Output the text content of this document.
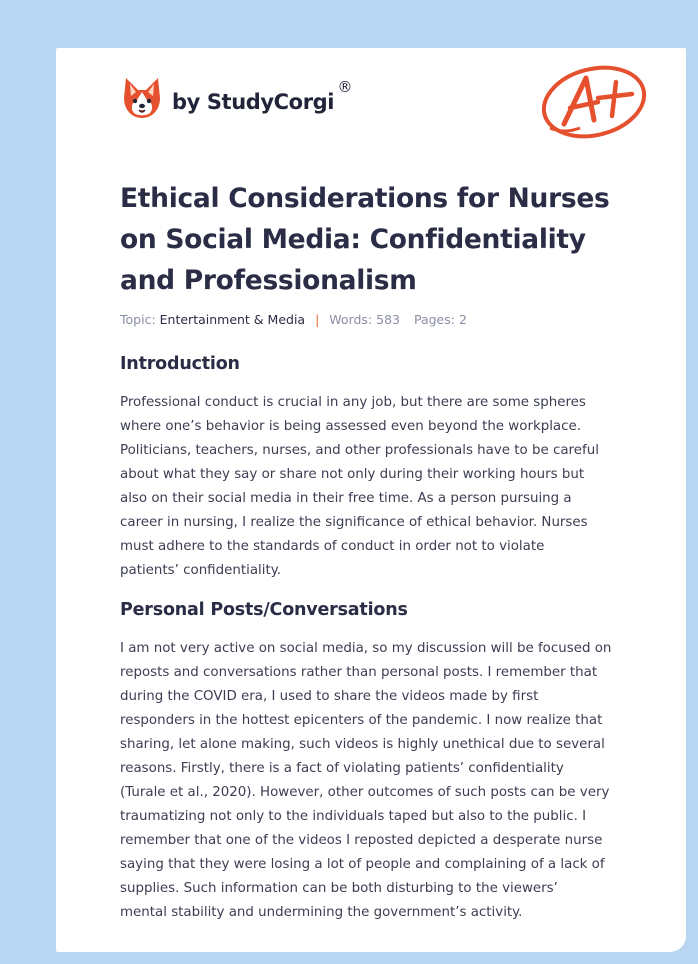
by StudyCorgi
®
Ethical Considerations for Nurses on Social Media: Confidentiality and Professionalism
Topic: Entertainment & Media | Words: 583 Pages: 2
Introduction
Professional conduct is crucial in any job, but there are some spheres
where one’s behavior is being assessed even beyond the workplace.
Politicians, teachers, nurses, and other professionals have to be careful
about what they say or share not only during their working hours but
also on their social media in their free time. As a person pursuing a
career in nursing, I realize the significance of ethical behavior. Nurses
must adhere to the standards of conduct in order not to violate
patients’ confidentiality.
Personal Posts/Conversations
I am not very active on social media, so my discussion will be focused on
reposts and conversations rather than personal posts. I remember that
during the COVID era, I used to share the videos made by first
responders in the hottest epicenters of the pandemic. I now realize that
sharing, let alone making, such videos is highly unethical due to several
reasons. Firstly, there is a fact of violating patients’ confidentiality
(Turale et al., 2020). However, other outcomes of such posts can be very
traumatizing not only to the individuals taped but also to the public. I
remember that one of the videos I reposted depicted a desperate nurse
saying that they were losing a lot of people and complaining of a lack of
supplies. Such information can be both disturbing to the viewers’
mental stability and undermining the government’s activity.
